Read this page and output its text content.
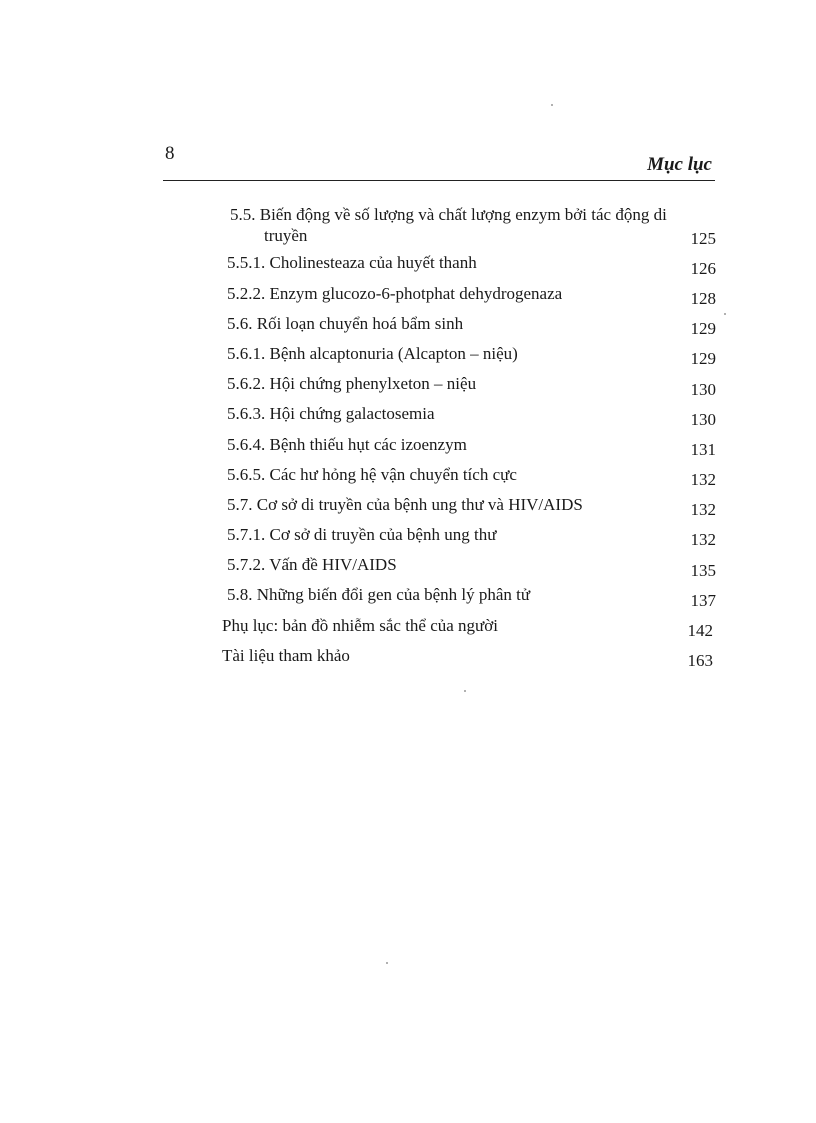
8
Mục lục
5.5. Biến động về số lượng và chất lượng enzym bởi tác động di truyền	125
5.5.1. Cholinesteaza của huyết thanh	126
5.2.2. Enzym glucozo-6-photphat dehydrogenaza	128
5.6. Rối loạn chuyển hoá bẩm sinh	129
5.6.1. Bệnh alcaptonuria (Alcapton – niệu)	129
5.6.2. Hội chứng phenylxeton – niệu	130
5.6.3. Hội chứng galactosemia	130
5.6.4. Bệnh thiếu hụt các izoenzym	131
5.6.5. Các hư hỏng hệ vận chuyển tích cực	132
5.7. Cơ sở di truyền của bệnh ung thư và HIV/AIDS	132
5.7.1. Cơ sở di truyền của bệnh ung thư	132
5.7.2. Vấn đề HIV/AIDS	135
5.8. Những biến đổi gen của bệnh lý phân tử	137
Phụ lục: bản đồ nhiễm sắc thể của người	142
Tài liệu tham khảo	163
